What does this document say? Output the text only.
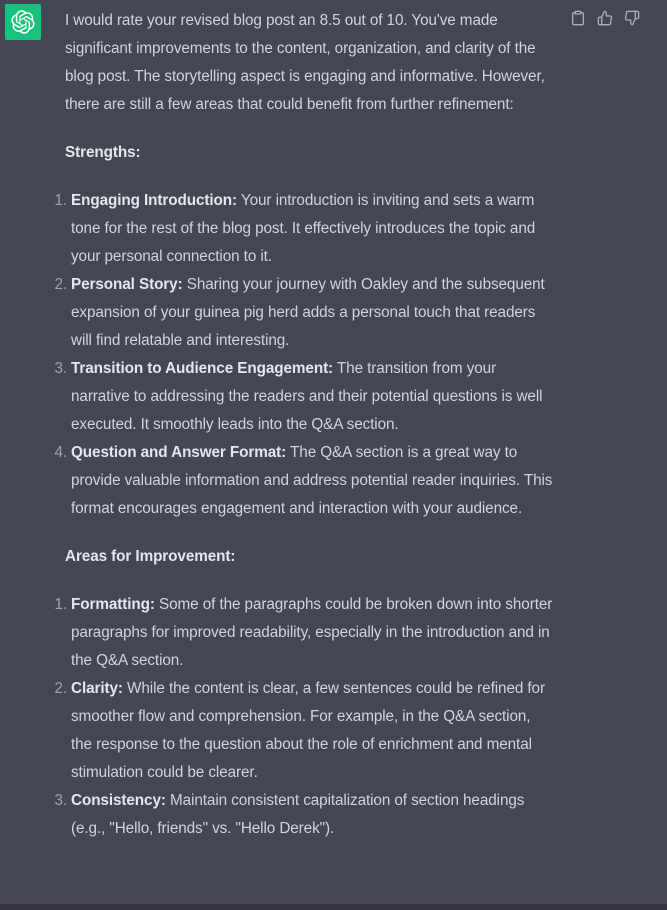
I would rate your revised blog post an 8.5 out of 10. You've made significant improvements to the content, organization, and clarity of the blog post. The storytelling aspect is engaging and informative. However, there are still a few areas that could benefit from further refinement:

Strengths:

1. Engaging Introduction: Your introduction is inviting and sets a warm tone for the rest of the blog post. It effectively introduces the topic and your personal connection to it.
2. Personal Story: Sharing your journey with Oakley and the subsequent expansion of your guinea pig herd adds a personal touch that readers will find relatable and interesting.
3. Transition to Audience Engagement: The transition from your narrative to addressing the readers and their potential questions is well executed. It smoothly leads into the Q&A section.
4. Question and Answer Format: The Q&A section is a great way to provide valuable information and address potential reader inquiries. This format encourages engagement and interaction with your audience.

Areas for Improvement:

1. Formatting: Some of the paragraphs could be broken down into shorter paragraphs for improved readability, especially in the introduction and in the Q&A section.
2. Clarity: While the content is clear, a few sentences could be refined for smoother flow and comprehension. For example, in the Q&A section, the response to the question about the role of enrichment and mental stimulation could be clearer.
3. Consistency: Maintain consistent capitalization of section headings (e.g., "Hello, friends" vs. "Hello Derek").
